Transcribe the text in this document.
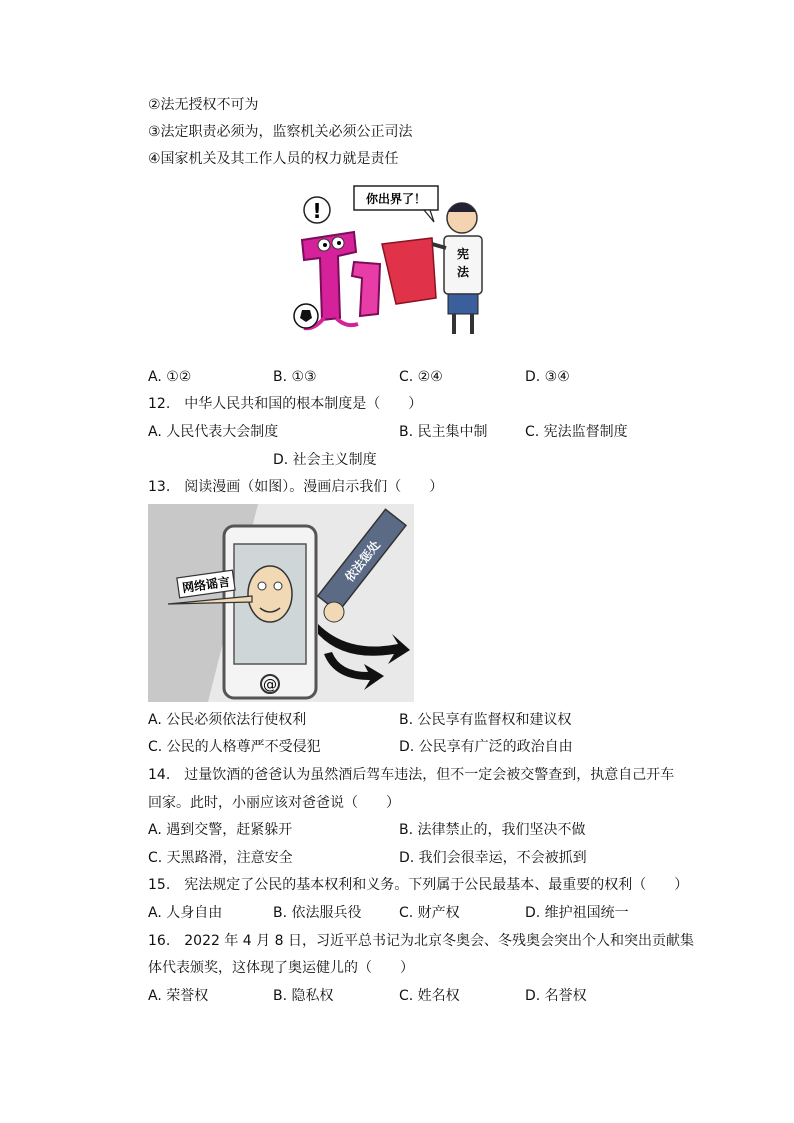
②法无授权不可为
③法定职责必须为，监察机关必须公正司法
④国家机关及其工作人员的权力就是责任
!	你出界了！
宪
法
A. ①②	B. ①③	C. ②④	D. ③④
12.　中华人民共和国的根本制度是（　　）
A. 人民代表大会制度	B. 民主集中制	C. 宪法监督制度
D. 社会主义制度
13.　阅读漫画（如图）。漫画启示我们（　　）
@
网络谣言
依法惩处
A. 公民必须依法行使权利	B. 公民享有监督权和建议权
C. 公民的人格尊严不受侵犯	D. 公民享有广泛的政治自由
14.　过量饮酒的爸爸认为虽然酒后驾车违法，但不一定会被交警查到，执意自己开车
回家。此时，小丽应该对爸爸说（　　）
A. 遇到交警，赶紧躲开	B. 法律禁止的，我们坚决不做
C. 天黑路滑，注意安全	D. 我们会很幸运，不会被抓到
15.　宪法规定了公民的基本权利和义务。下列属于公民最基本、最重要的权利（　　）
A. 人身自由	B. 依法服兵役	C. 财产权	D. 维护祖国统一
16.　2022 年 4 月 8 日，习近平总书记为北京冬奥会、冬残奥会突出个人和突出贡献集
体代表颁奖，这体现了奥运健儿的（　　）
A. 荣誉权	B. 隐私权	C. 姓名权	D. 名誉权
